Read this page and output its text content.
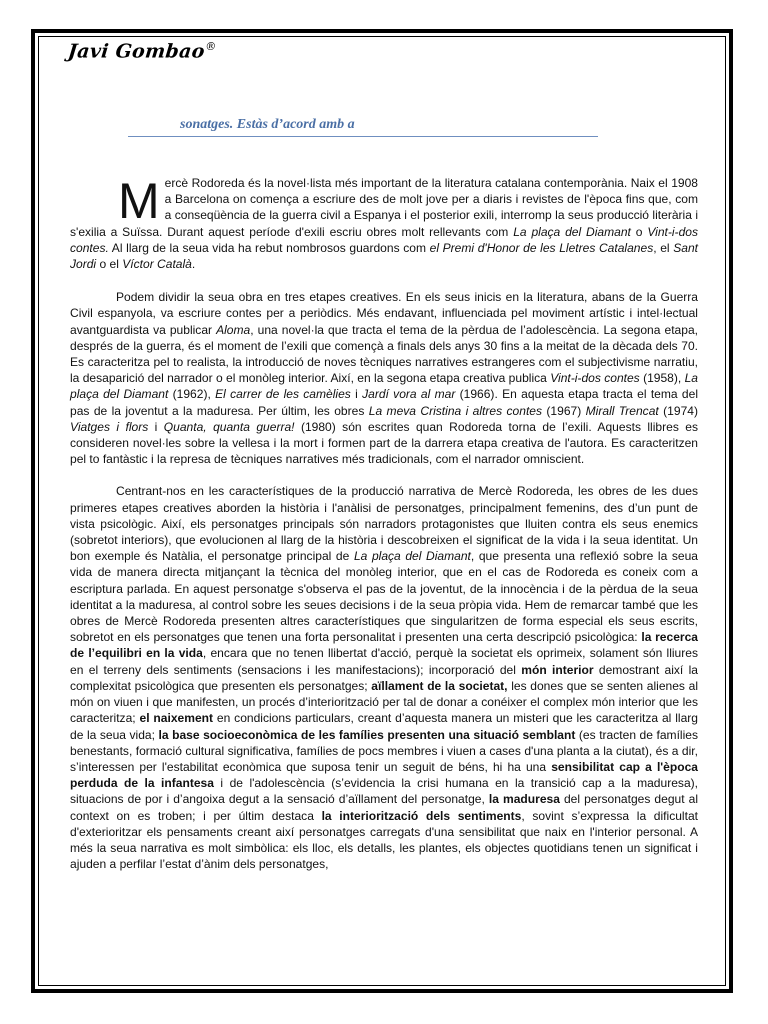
Javi Gombao®
sonatges. Estàs d’acord amb a

Mercè Rodoreda és la novel·lista més important de la literatura catalana contemporània. Naix el 1908 a Barcelona on comença a escriure des de molt jove per a diaris i revistes de l'època fins que, com a conseqüència de la guerra civil a Espanya i el posterior exili, interromp la seus producció literària i s'exilia a Suïssa. Durant aquest període d'exili escriu obres molt rellevants com La plaça del Diamant o Vint-i-dos contes. Al llarg de la seua vida ha rebut nombrosos guardons com el Premi d'Honor de les Lletres Catalanes, el Sant Jordi o el Víctor Català.

Podem dividir la seua obra en tres etapes creatives. En els seus inicis en la literatura, abans de la Guerra Civil espanyola, va escriure contes per a periòdics. Més endavant, influenciada pel moviment artístic i intel·lectual avantguardista va publicar Aloma, una novel·la que tracta el tema de la pèrdua de l’adolescència. La segona etapa, després de la guerra, és el moment de l’exili que començà a finals dels anys 30 fins a la meitat de la dècada dels 70. Es caracteritza pel to realista, la introducció de noves tècniques narratives estrangeres com el subjectivisme narratiu, la desaparició del narrador o el monòleg interior. Així, en la segona etapa creativa publica Vint-i-dos contes (1958), La plaça del Diamant (1962), El carrer de les camèlies i Jardí vora al mar (1966). En aquesta etapa tracta el tema del pas de la joventut a la maduresa. Per últim, les obres La meva Cristina i altres contes (1967) Mirall Trencat (1974) Viatges i flors i Quanta, quanta guerra! (1980) són escrites quan Rodoreda torna de l’exili. Aquests llibres es consideren novel·les sobre la vellesa i la mort i formen part de la darrera etapa creativa de l'autora. Es caracteritzen pel to fantàstic i la represa de tècniques narratives més tradicionals, com el narrador omniscient.

Centrant-nos en les característiques de la producció narrativa de Mercè Rodoreda, les obres de les dues primeres etapes creatives aborden la història i l'anàlisi de personatges, principalment femenins, des d’un punt de vista psicològic. Així, els personatges principals són narradors protagonistes que lluiten contra els seus enemics (sobretot interiors), que evolucionen al llarg de la història i descobreixen el significat de la vida i la seua identitat. Un bon exemple és Natàlia, el personatge principal de La plaça del Diamant, que presenta una reflexió sobre la seua vida de manera directa mitjançant la tècnica del monòleg interior, que en el cas de Rodoreda es coneix com a escriptura parlada. En aquest personatge s'observa el pas de la joventut, de la innocència i de la pèrdua de la seua identitat a la maduresa, al control sobre les seues decisions i de la seua pròpia vida. Hem de remarcar també que les obres de Mercè Rodoreda presenten altres característiques que singularitzen de forma especial els seus escrits, sobretot en els personatges que tenen una forta personalitat i presenten una certa descripció psicològica: la recerca de l’equilibri en la vida, encara que no tenen llibertat d'acció, perquè la societat els oprimeix, solament són lliures en el terreny dels sentiments (sensacions i les manifestacions); incorporació del món interior demostrant així la complexitat psicològica que presenten els personatges; aïllament de la societat, les dones que se senten alienes al món on viuen i que manifesten, un procés d’interiorització per tal de donar a conéixer el complex món interior que les caracteritza; el naixement en condicions particulars, creant d’aquesta manera un misteri que les caracteritza al llarg de la seua vida; la base socioeconòmica de les famílies presenten una situació semblant (es tracten de famílies benestants, formació cultural significativa, famílies de pocs membres i viuen a cases d'una planta a la ciutat), és a dir, s’interessen per l'estabilitat econòmica que suposa tenir un seguit de béns, hi ha una sensibilitat cap a l'època perduda de la infantesa i de l'adolescència (s’evidencia la crisi humana en la transició cap a la maduresa), situacions de por i d’angoixa degut a la sensació d’aïllament del personatge, la maduresa del personatges degut al context on es troben; i per últim destaca la interiorització dels sentiments, sovint s’expressa la dificultat d'exterioritzar els pensaments creant així personatges carregats d'una sensibilitat que naix en l'interior personal. A més la seua narrativa es molt simbòlica: els lloc, els detalls, les plantes, els objectes quotidians tenen un significat i ajuden a perfilar l’estat d’ànim dels personatges,
